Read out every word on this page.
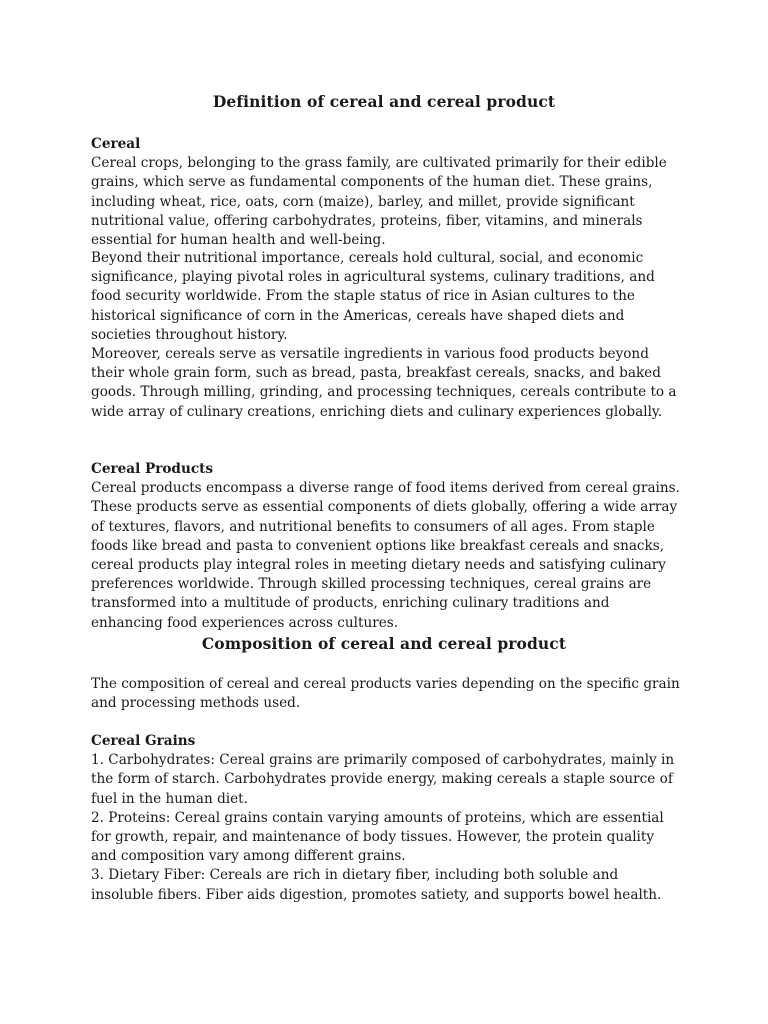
Definition of cereal and cereal product
Cereal
Cereal crops, belonging to the grass family, are cultivated primarily for their edible grains, which serve as fundamental components of the human diet. These grains, including wheat, rice, oats, corn (maize), barley, and millet, provide significant nutritional value, offering carbohydrates, proteins, fiber, vitamins, and minerals essential for human health and well-being.
Beyond their nutritional importance, cereals hold cultural, social, and economic significance, playing pivotal roles in agricultural systems, culinary traditions, and food security worldwide. From the staple status of rice in Asian cultures to the historical significance of corn in the Americas, cereals have shaped diets and societies throughout history.
Moreover, cereals serve as versatile ingredients in various food products beyond their whole grain form, such as bread, pasta, breakfast cereals, snacks, and baked goods. Through milling, grinding, and processing techniques, cereals contribute to a wide array of culinary creations, enriching diets and culinary experiences globally.
Cereal Products
Cereal products encompass a diverse range of food items derived from cereal grains. These products serve as essential components of diets globally, offering a wide array of textures, flavors, and nutritional benefits to consumers of all ages. From staple foods like bread and pasta to convenient options like breakfast cereals and snacks, cereal products play integral roles in meeting dietary needs and satisfying culinary preferences worldwide. Through skilled processing techniques, cereal grains are transformed into a multitude of products, enriching culinary traditions and enhancing food experiences across cultures.
Composition of cereal and cereal product
The composition of cereal and cereal products varies depending on the specific grain and processing methods used.
Cereal Grains
1. Carbohydrates: Cereal grains are primarily composed of carbohydrates, mainly in the form of starch. Carbohydrates provide energy, making cereals a staple source of fuel in the human diet.
2. Proteins: Cereal grains contain varying amounts of proteins, which are essential for growth, repair, and maintenance of body tissues. However, the protein quality and composition vary among different grains.
3. Dietary Fiber: Cereals are rich in dietary fiber, including both soluble and insoluble fibers. Fiber aids digestion, promotes satiety, and supports bowel health.
